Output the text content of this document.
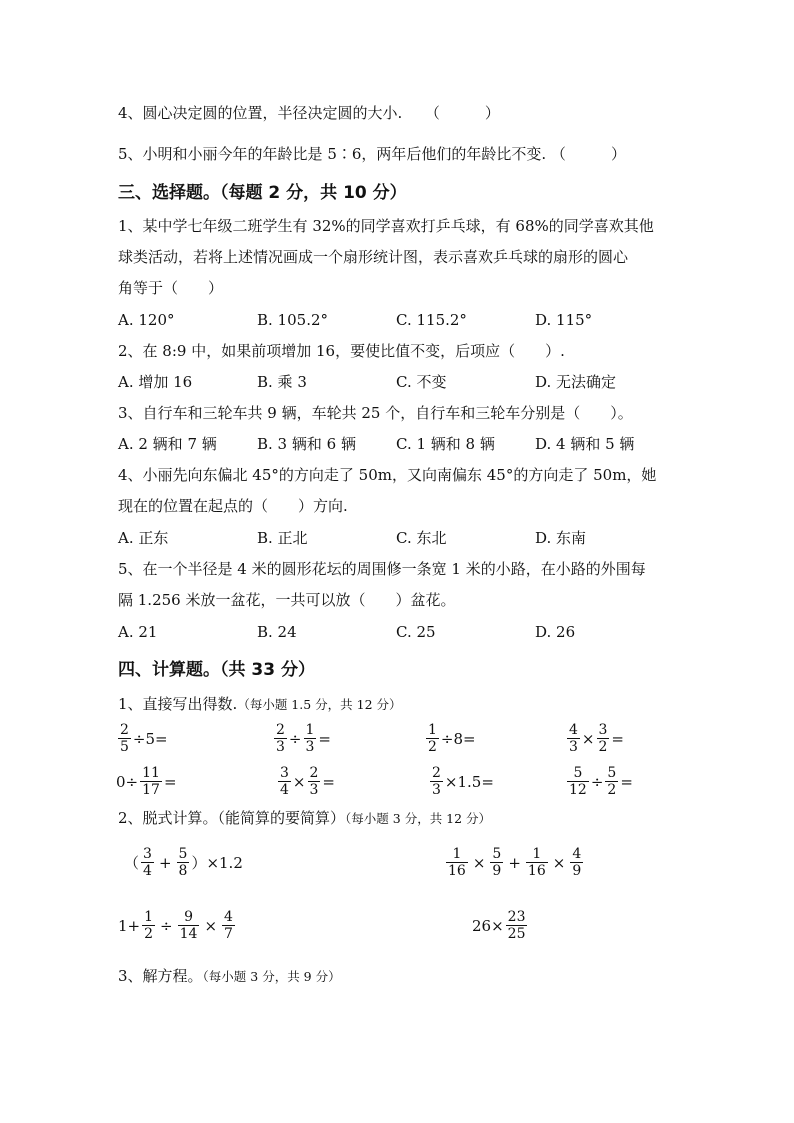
4、圆心决定圆的位置，半径决定圆的大小.　　（　　　）
5、小明和小丽今年的年龄比是 5∶6，两年后他们的年龄比不变. （　　　）
三、选择题。（每题 2 分，共 10 分）
1、某中学七年级二班学生有 32%的同学喜欢打乒乓球，有 68%的同学喜欢其他
球类活动，若将上述情况画成一个扇形统计图，表示喜欢乒乓球的扇形的圆心
角等于（　　）
A. 120°	B. 105.2°	C. 115.2°	D. 115°
2、在 8:9 中，如果前项增加 16，要使比值不变，后项应（　　）.
A. 增加 16	B. 乘 3	C. 不变	D. 无法确定
3、自行车和三轮车共 9 辆，车轮共 25 个，自行车和三轮车分别是（　　）。
A. 2 辆和 7 辆	B. 3 辆和 6 辆	C. 1 辆和 8 辆	D. 4 辆和 5 辆
4、小丽先向东偏北 45°的方向走了 50m，又向南偏东 45°的方向走了 50m，她
现在的位置在起点的（　　）方向.
A. 正东	B. 正北	C. 东北	D. 东南
5、在一个半径是 4 米的圆形花坛的周围修一条宽 1 米的小路，在小路的外围每
隔 1.256 米放一盆花，一共可以放（　　）盆花。
A. 21	B. 24	C. 25	D. 26
四、计算题。（共 33 分）
1、直接写出得数.（每小题 1.5 分，共 12 分）
$\frac{2}{5} \div 5=$	$\frac{2}{3} \div \frac{1}{3}$ =	$\frac{1}{2} \div 8=$	$\frac{4}{3} \times \frac{3}{2}$ =
$0\div \frac{11}{17}$ =	$\frac{3}{4} \times \frac{2}{3}$ =	$\frac{2}{3} \times 1.5=$	$\frac{5}{12} \div \frac{5}{2}$ =
2、脱式计算。（能简算的要简算）（每小题 3 分，共 12 分）
（ $\frac{3}{4} + \frac{5}{8} )\times 1.2$	$\frac{1}{16} \times \frac{5}{9} + \frac{1}{16} \times \frac{4}{9}$
$1+ \frac{1}{2} \div \frac{9}{14} \times \frac{4}{7}$	$26\times \frac{23}{25}$
3、解方程。（每小题 3 分，共 9 分）
